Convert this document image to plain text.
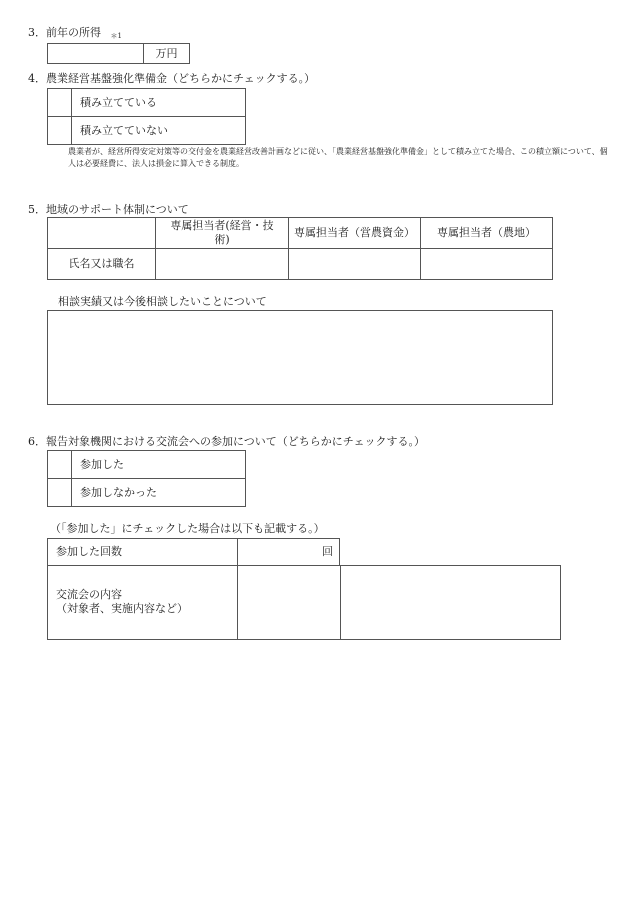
3．前年の所得 ＊1
万円
4．農業経営基盤強化準備金（どちらかにチェックする。）
積み立てている
積み立てていない
農業者が、経営所得安定対策等の交付金を農業経営改善計画などに従い、「農業経営基盤強化準備金」として積み立てた場合、この積立額について、個人は必要経費に、法人は損金に算入できる制度。
5．地域のサポート体制について
専属担当者(経営・技術)
専属担当者（営農資金）	専属担当者（農地）
氏名又は職名
相談実績又は今後相談したいことについて
6．報告対象機関における交流会への参加について（どちらかにチェックする。）
参加した
参加しなかった
（「参加した」にチェックした場合は以下も記載する。）
参加した回数	回
交流会の内容
（対象者、実施内容など）
